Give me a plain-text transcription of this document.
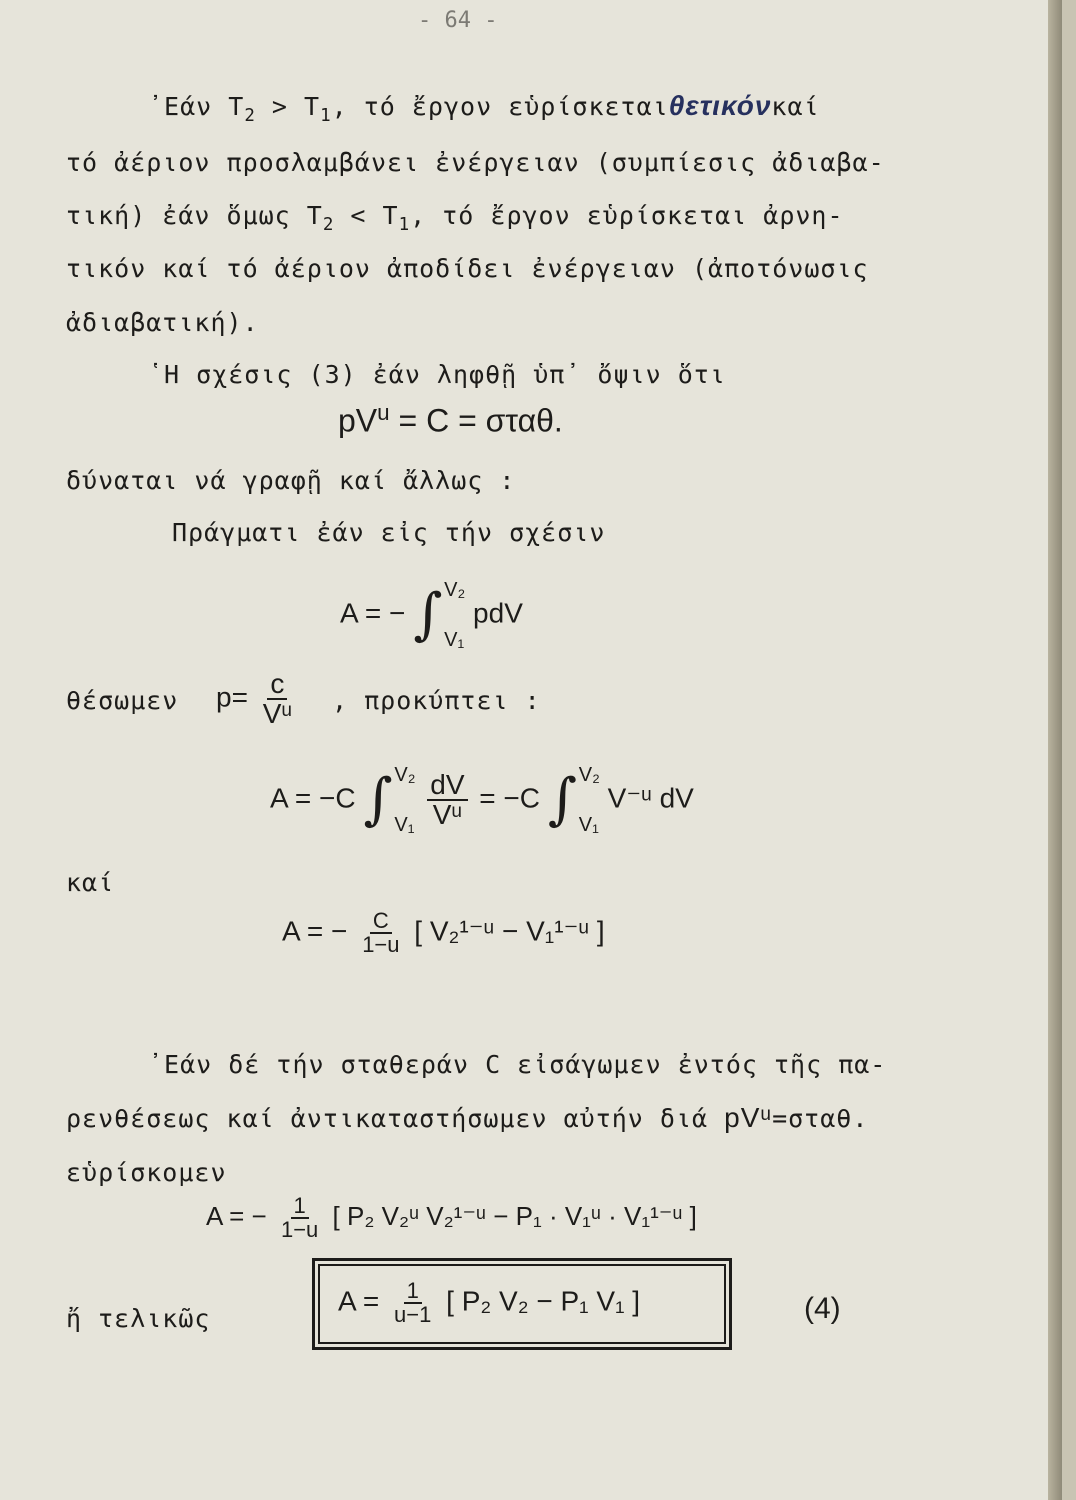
- 64 -
᾿Εάν $T_2 > T_1$, τό ἔργον εὑρίσκεταιθετικόνκαί
τό ἀέριον προσλαμβάνει ἐνέργειαν (συμπίεσις ἀδιαβα-
τική) ἐάν ὅμως $T_2 < T_1$, τό ἔργον εὑρίσκεται ἀρνη-
τικόν καί τό ἀέριον ἀποδίδει ἐνέργειαν (ἀποτόνωσις
ἀδιαβατική).
῾Η σχέσις (3) ἐάν ληφθῇ ὑπ᾿ ὄψιν ὅτι
$pV^u = C = \sigma\tau\alpha\theta$.
δύναται νά γραφῇ καί ἄλλως :
Πράγματι ἐάν εἰς τήν σχέσιν
A = − ∫ V₂
V₁
pdV
θέσωμεν $p= \frac{c}{\text{Vᵘ}}$ , προκύπτει :
A = −C ∫ V₂
V₁
$\frac{dV}{\text{Vᵘ}} = -C$ ∫ V₂
V₁
V⁻ᵘ dV
καί
A = − $\frac{C}{1-u}$ [ V₂¹⁻ᵘ − V₁¹⁻ᵘ ]
᾿Εάν δέ τήν σταθεράν C εἰσάγωμεν ἐντός τῆς πα-
ρενθέσεως καί ἀντικαταστήσωμεν αὐτήν διά pVᵘ=σταθ.
εὑρίσκομεν
A = − $\frac{1}{1-u}$ [ P₂ V₂ᵘ V₂¹⁻ᵘ − P₁ · V₁ᵘ · V₁¹⁻ᵘ ]
ἤ τελικῶς
$A = \frac{1}{u-1}$ [ P₂ V₂ − P₁ V₁ ]	(4)
